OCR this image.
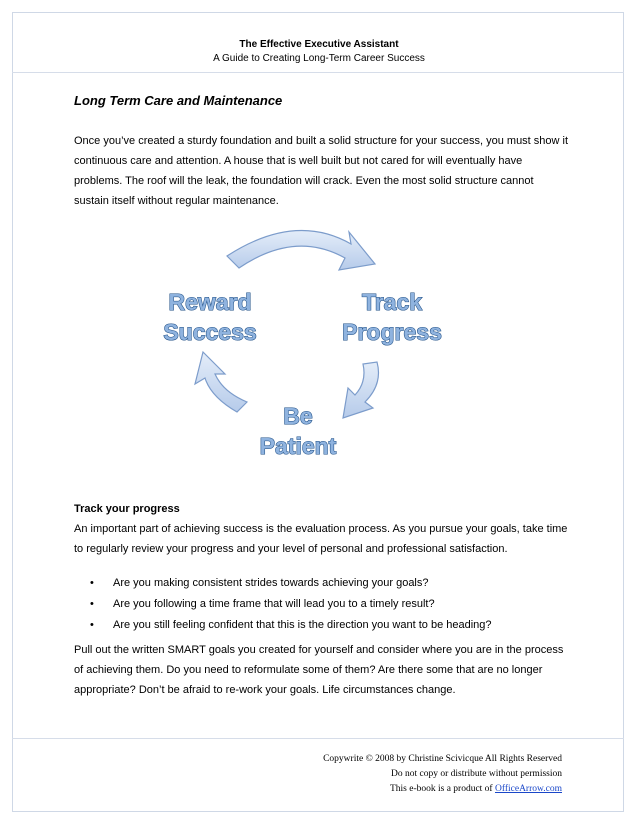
The Effective Executive Assistant
A Guide to Creating Long-Term Career Success
Long Term Care and Maintenance
Once you’ve created a sturdy foundation and built a solid structure for your success, you must show it continuous care and attention. A house that is well built but not cared for will eventually have problems. The roof will the leak, the foundation will crack. Even the most solid structure cannot sustain itself without regular maintenance.
Reward
Success
Track
Progress
Be
Patient
Track your progress
An important part of achieving success is the evaluation process. As you pursue your goals, take time to regularly review your progress and your level of personal and professional satisfaction.
• Are you making consistent strides towards achieving your goals?
• Are you following a time frame that will lead you to a timely result?
• Are you still feeling confident that this is the direction you want to be heading?
Pull out the written SMART goals you created for yourself and consider where you are in the process of achieving them. Do you need to reformulate some of them? Are there some that are no longer appropriate? Don’t be afraid to re-work your goals. Life circumstances change.
Copywrite © 2008 by Christine Scivicque All Rights Reserved
Do not copy or distribute without permission
This e-book is a product of OfficeArrow.com
